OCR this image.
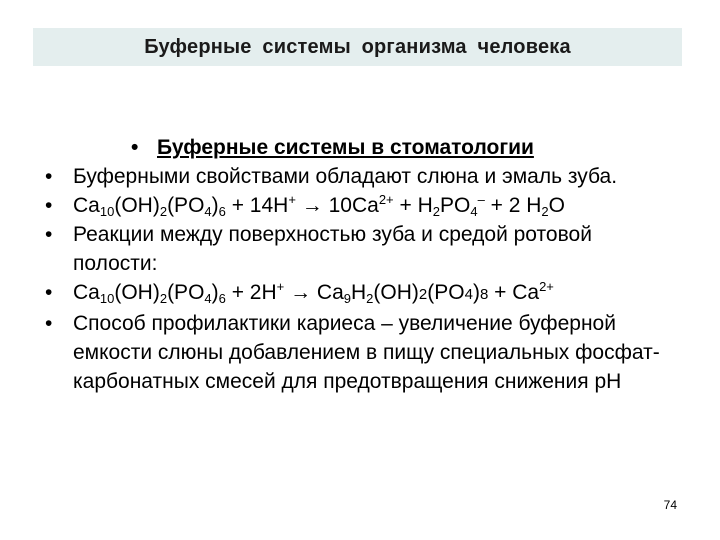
Буферные системы организма человека
• Буферные системы в стоматологии
• Буферными свойствами обладают слюна и эмаль зуба.
• $Ca_{10}(OH)_2(PO_4)_6 + 14H^+ \to 10Ca^{2+} + H_2PO_4^- + 2$ $H_2O$
• Реакции между поверхностью зуба и средой ротовой полости:
• $Ca_{10}(OH)_2(PO_4)_6 + 2H^+ \to Ca_9H_2(OH)2(PO4)8 + Ca^{2+}$
• Способ профилактики кариеса – увеличение буферной емкости слюны добавлением в пищу специальных фосфат-карбонатных смесей для предотвращения снижения рН
74
